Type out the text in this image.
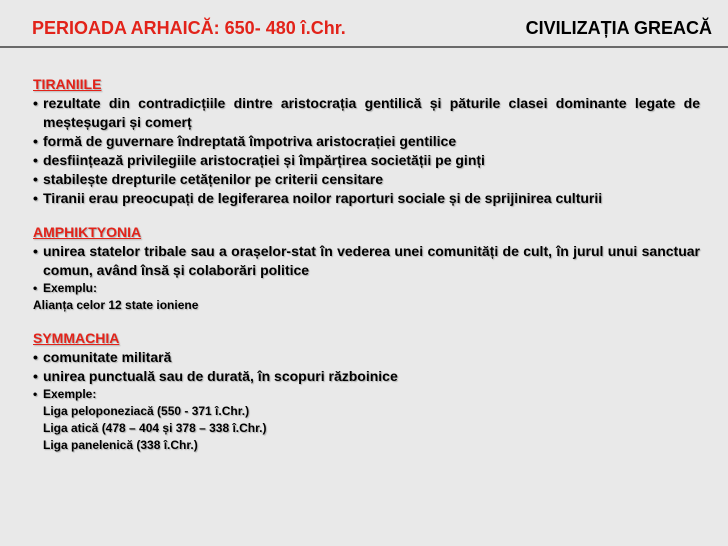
PERIOADA ARHAICĂ: 650- 480 î.Chr.	CIVILIZAȚIA GREACĂ
TIRANIILE
• rezultate din contradicțiile dintre aristocrația gentilică și păturile clasei dominante legate de meșteșugari și comerț
• formă de guvernare îndreptată împotriva aristocrației gentilice
• desființează privilegiile aristocrației și împărțirea societății pe ginți
• stabilește drepturile cetățenilor pe criterii censitare
• Tiranii erau preocupați de legiferarea noilor raporturi sociale și de sprijinirea culturii
AMPHIKTYONIA
• unirea statelor tribale sau a orașelor-stat în vederea unei comunități de cult, în jurul unui sanctuar comun, având însă și colaborări politice
• Exemplu:
Alianța celor 12 state ioniene
SYMMACHIA
• comunitate militară
• unirea punctuală sau de durată, în scopuri războinice
• Exemple:
Liga peloponeziacă (550 - 371 î.Chr.)
Liga atică (478 – 404 și 378 – 338 î.Chr.)
Liga panelenică (338 î.Chr.)
